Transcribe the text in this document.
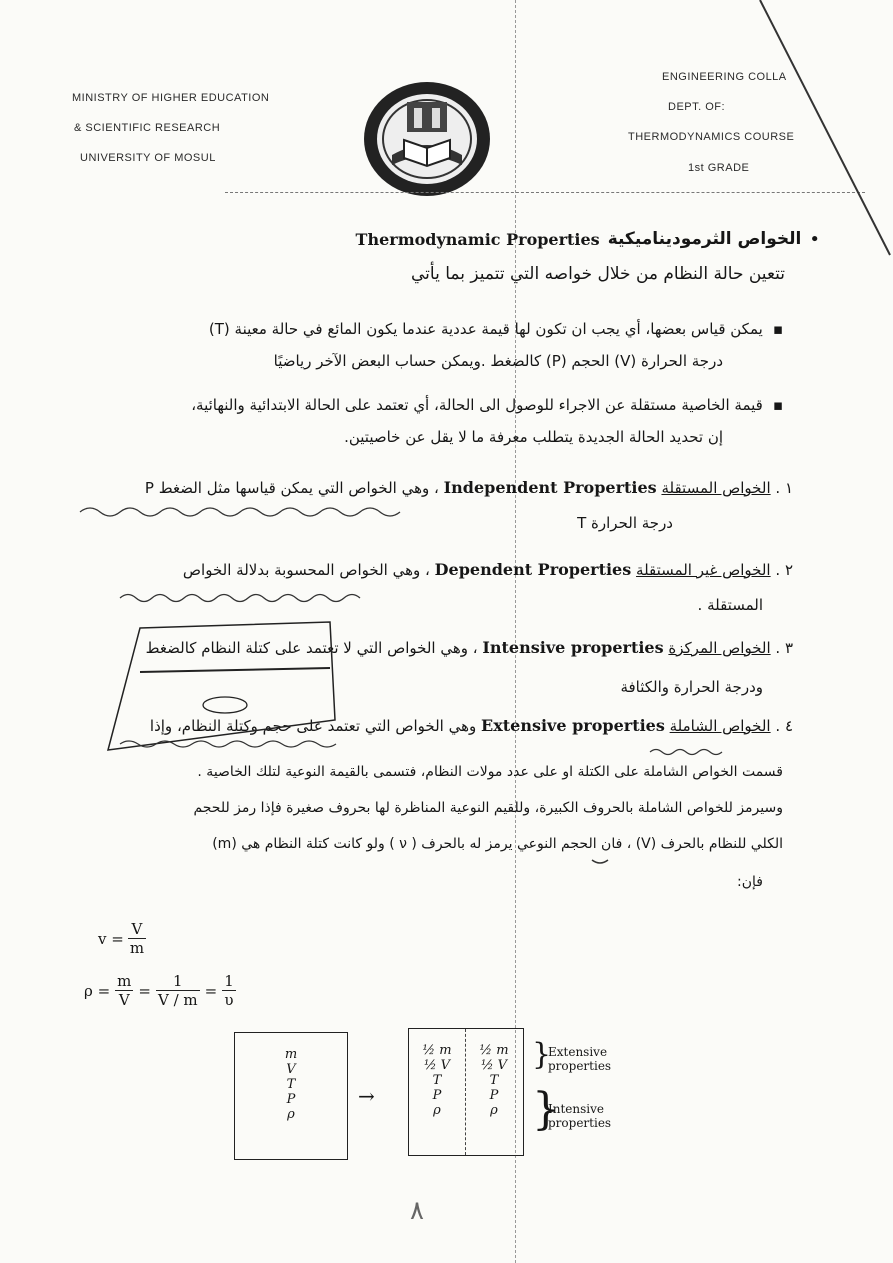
MINISTRY OF HIGHER EDUCATION
& SCIENTIFIC RESEARCH
UNIVERSITY OF MOSUL
ENGINEERING COLLA
DEPT. OF:
THERMODYNAMICS COURSE
1st GRADE
•
الخواص الثرموديناميكية
Thermodynamic Properties
تتعين حالة النظام من خلال خواصه التي تتميز بما يأتي
▪يمكن قياس بعضها، أي يجب ان تكون لها قيمة عددية عندما يكون المائع في حالة معينة (T)
درجة الحرارة (V) الحجم (P) كالضغط .ويمكن حساب البعض الآخر رياضيًا
▪قيمة الخاصية مستقلة عن الاجراء للوصول الى الحالة، أي تعتمد على الحالة الابتدائية والنهائية،
إن تحديد الحالة الجديدة يتطلب معرفة ما لا يقل عن خاصيتين.
١ . الخواص المستقلة Independent Properties ، وهي الخواص التي يمكن قياسها مثل الضغط P
درجة الحرارة T
٢ . الخواص غير المستقلة Dependent Properties ، وهي الخواص المحسوبة بدلالة الخواص
المستقلة .
٣ . الخواص المركزة Intensive properties ، وهي الخواص التي لا تعتمد على كتلة النظام كالضغط
ودرجة الحرارة والكثافة
٤ . الخواص الشاملة Extensive properties وهي الخواص التي تعتمد على حجم وكتلة النظام، وإذا
قسمت الخواص الشاملة على الكتلة او على عدد مولات النظام، فتسمى بالقيمة النوعية لتلك الخاصية .
وسيرمز للخواص الشاملة بالحروف الكبيرة، وللقيم النوعية المناظرة لها بحروف صغيرة فإذا رمز للحجم
الكلي للنظام بالحرف (V) ، فان الحجم النوعي يرمز له بالحرف ( ν ) ولو كانت كتلة النظام هي (m)
فإن:
$v = \frac{V}{m}$
$\rho = \frac{m}{V} = \frac{1}{V / m} = \frac{1}{\upsilon}$
m
V
T
P
ρ
→
½ m
½ V
T
P
ρ
½ m
½ V
T
P
ρ
}
Extensive properties
}
Intensive properties
٨
